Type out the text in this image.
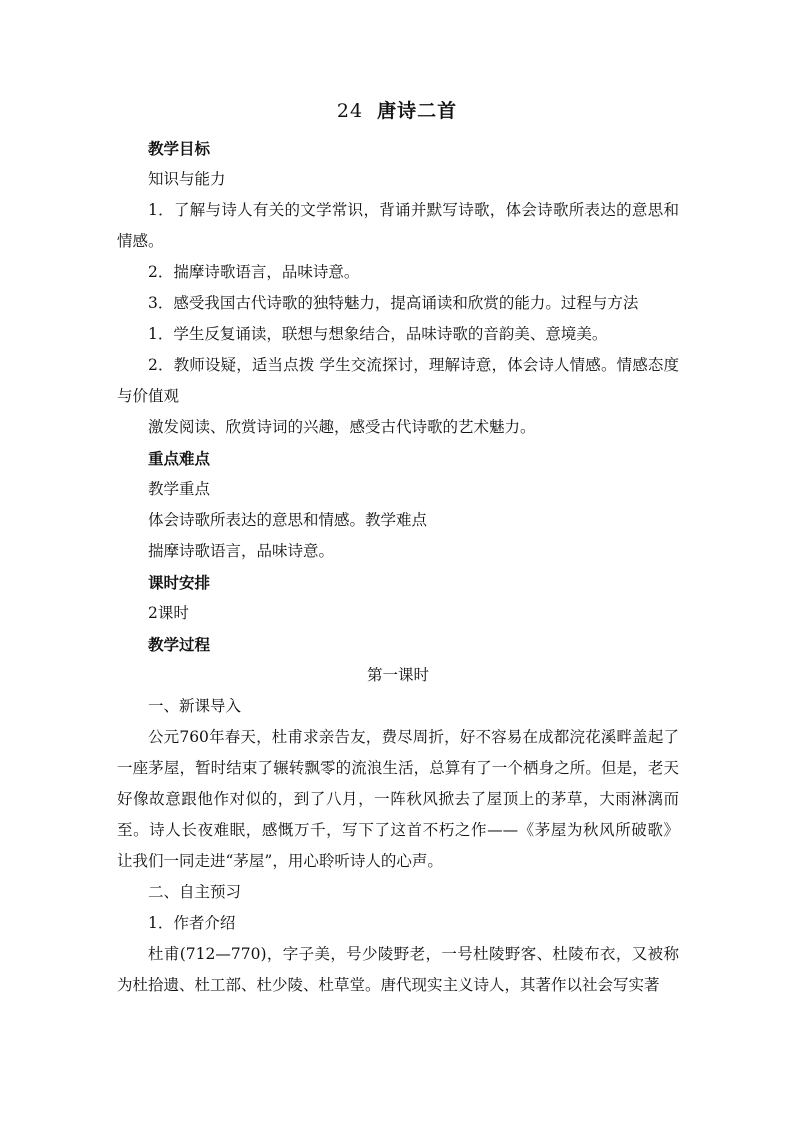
24 唐诗二首

教学目标

知识与能力

1．了解与诗人有关的文学常识，背诵并默写诗歌，体会诗歌所表达的意思和情感。

2．揣摩诗歌语言，品味诗意。

3．感受我国古代诗歌的独特魅力，提高诵读和欣赏的能力。过程与方法

1．学生反复诵读，联想与想象结合，品味诗歌的音韵美、意境美。

2．教师设疑，适当点拨 学生交流探讨，理解诗意，体会诗人情感。情感态度与价值观

激发阅读、欣赏诗词的兴趣，感受古代诗歌的艺术魅力。

重点难点

教学重点

体会诗歌所表达的意思和情感。教学难点

揣摩诗歌语言，品味诗意。

课时安排

2课时

教学过程

第一课时

一、新课导入

公元760年春天，杜甫求亲告友，费尽周折，好不容易在成都浣花溪畔盖起了一座茅屋，暂时结束了辗转飘零的流浪生活，总算有了一个栖身之所。但是，老天好像故意跟他作对似的，到了八月，一阵秋风掀去了屋顶上的茅草，大雨淋漓而至。诗人长夜难眠，感慨万千，写下了这首不朽之作——《茅屋为秋风所破歌》 让我们一同走进“茅屋”，用心聆听诗人的心声。

二、自主预习

1．作者介绍

杜甫(712—770)，字子美，号少陵野老，一号杜陵野客、杜陵布衣，又被称为杜拾遗、杜工部、杜少陵、杜草堂。唐代现实主义诗人，其著作以社会写实著
